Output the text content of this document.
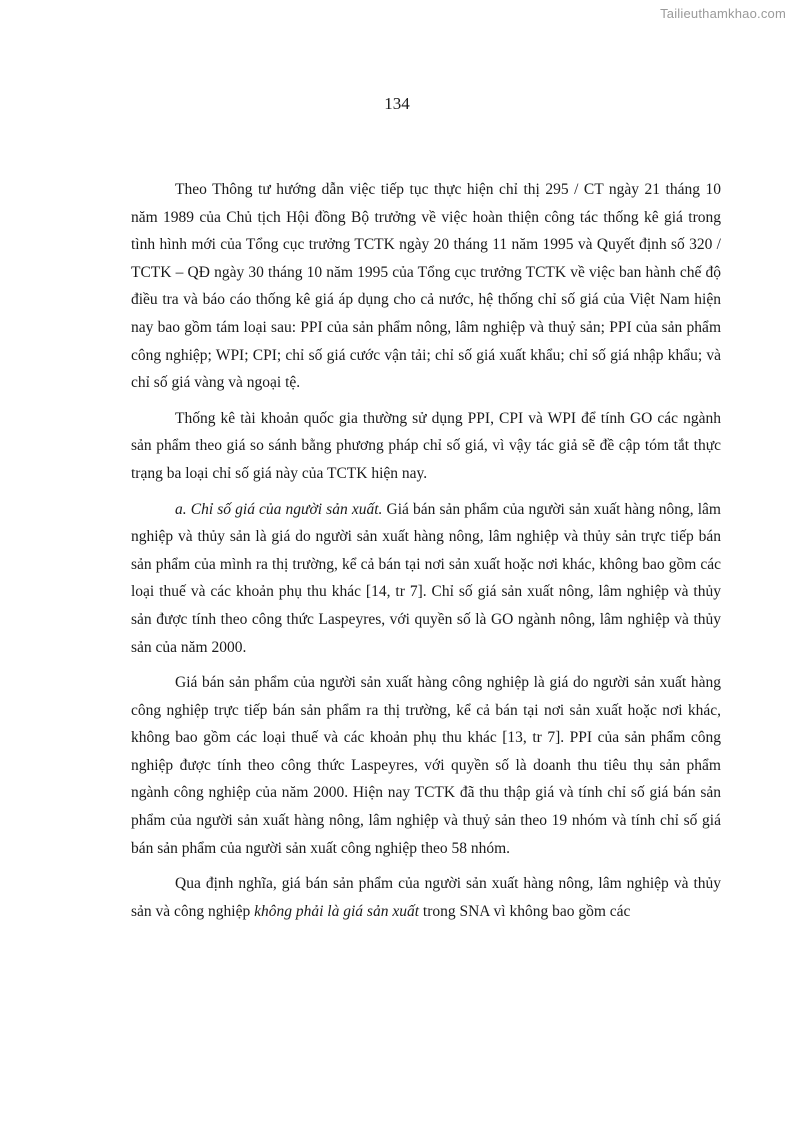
Tailieuthamkhao.com
134

Theo Thông tư hướng dẫn việc tiếp tục thực hiện chỉ thị 295 / CT ngày 21 tháng 10 năm 1989 của Chủ tịch Hội đồng Bộ trưởng về việc hoàn thiện công tác thống kê giá trong tình hình mới của Tổng cục trưởng TCTK ngày 20 tháng 11 năm 1995 và Quyết định số 320 / TCTK – QĐ ngày 30 tháng 10 năm 1995 của Tổng cục trưởng TCTK về việc ban hành chế độ điều tra và báo cáo thống kê giá áp dụng cho cả nước, hệ thống chỉ số giá của Việt Nam hiện nay bao gồm tám loại sau: PPI của sản phẩm nông, lâm nghiệp và thuỷ sản; PPI của sản phẩm công nghiệp; WPI; CPI; chỉ số giá cước vận tải; chỉ số giá xuất khẩu; chỉ số giá nhập khẩu; và chỉ số giá vàng và ngoại tệ.

Thống kê tài khoản quốc gia thường sử dụng PPI, CPI và WPI để tính GO các ngành sản phẩm theo giá so sánh bằng phương pháp chỉ số giá, vì vậy tác giả sẽ đề cập tóm tắt thực trạng ba loại chỉ số giá này của TCTK hiện nay.

a. Chỉ số giá của người sản xuất. Giá bán sản phẩm của người sản xuất hàng nông, lâm nghiệp và thủy sản là giá do người sản xuất hàng nông, lâm nghiệp và thủy sản trực tiếp bán sản phẩm của mình ra thị trường, kể cả bán tại nơi sản xuất hoặc nơi khác, không bao gồm các loại thuế và các khoản phụ thu khác [14, tr 7]. Chỉ số giá sản xuất nông, lâm nghiệp và thủy sản được tính theo công thức Laspeyres, với quyền số là GO ngành nông, lâm nghiệp và thủy sản của năm 2000.

Giá bán sản phẩm của người sản xuất hàng công nghiệp là giá do người sản xuất hàng công nghiệp trực tiếp bán sản phẩm ra thị trường, kể cả bán tại nơi sản xuất hoặc nơi khác, không bao gồm các loại thuế và các khoản phụ thu khác [13, tr 7]. PPI của sản phẩm công nghiệp được tính theo công thức Laspeyres, với quyền số là doanh thu tiêu thụ sản phẩm ngành công nghiệp của năm 2000. Hiện nay TCTK đã thu thập giá và tính chỉ số giá bán sản phẩm của người sản xuất hàng nông, lâm nghiệp và thuỷ sản theo 19 nhóm và tính chỉ số giá bán sản phẩm của người sản xuất công nghiệp theo 58 nhóm.

Qua định nghĩa, giá bán sản phẩm của người sản xuất hàng nông, lâm nghiệp và thủy sản và công nghiệp không phải là giá sản xuất trong SNA vì không bao gồm các
